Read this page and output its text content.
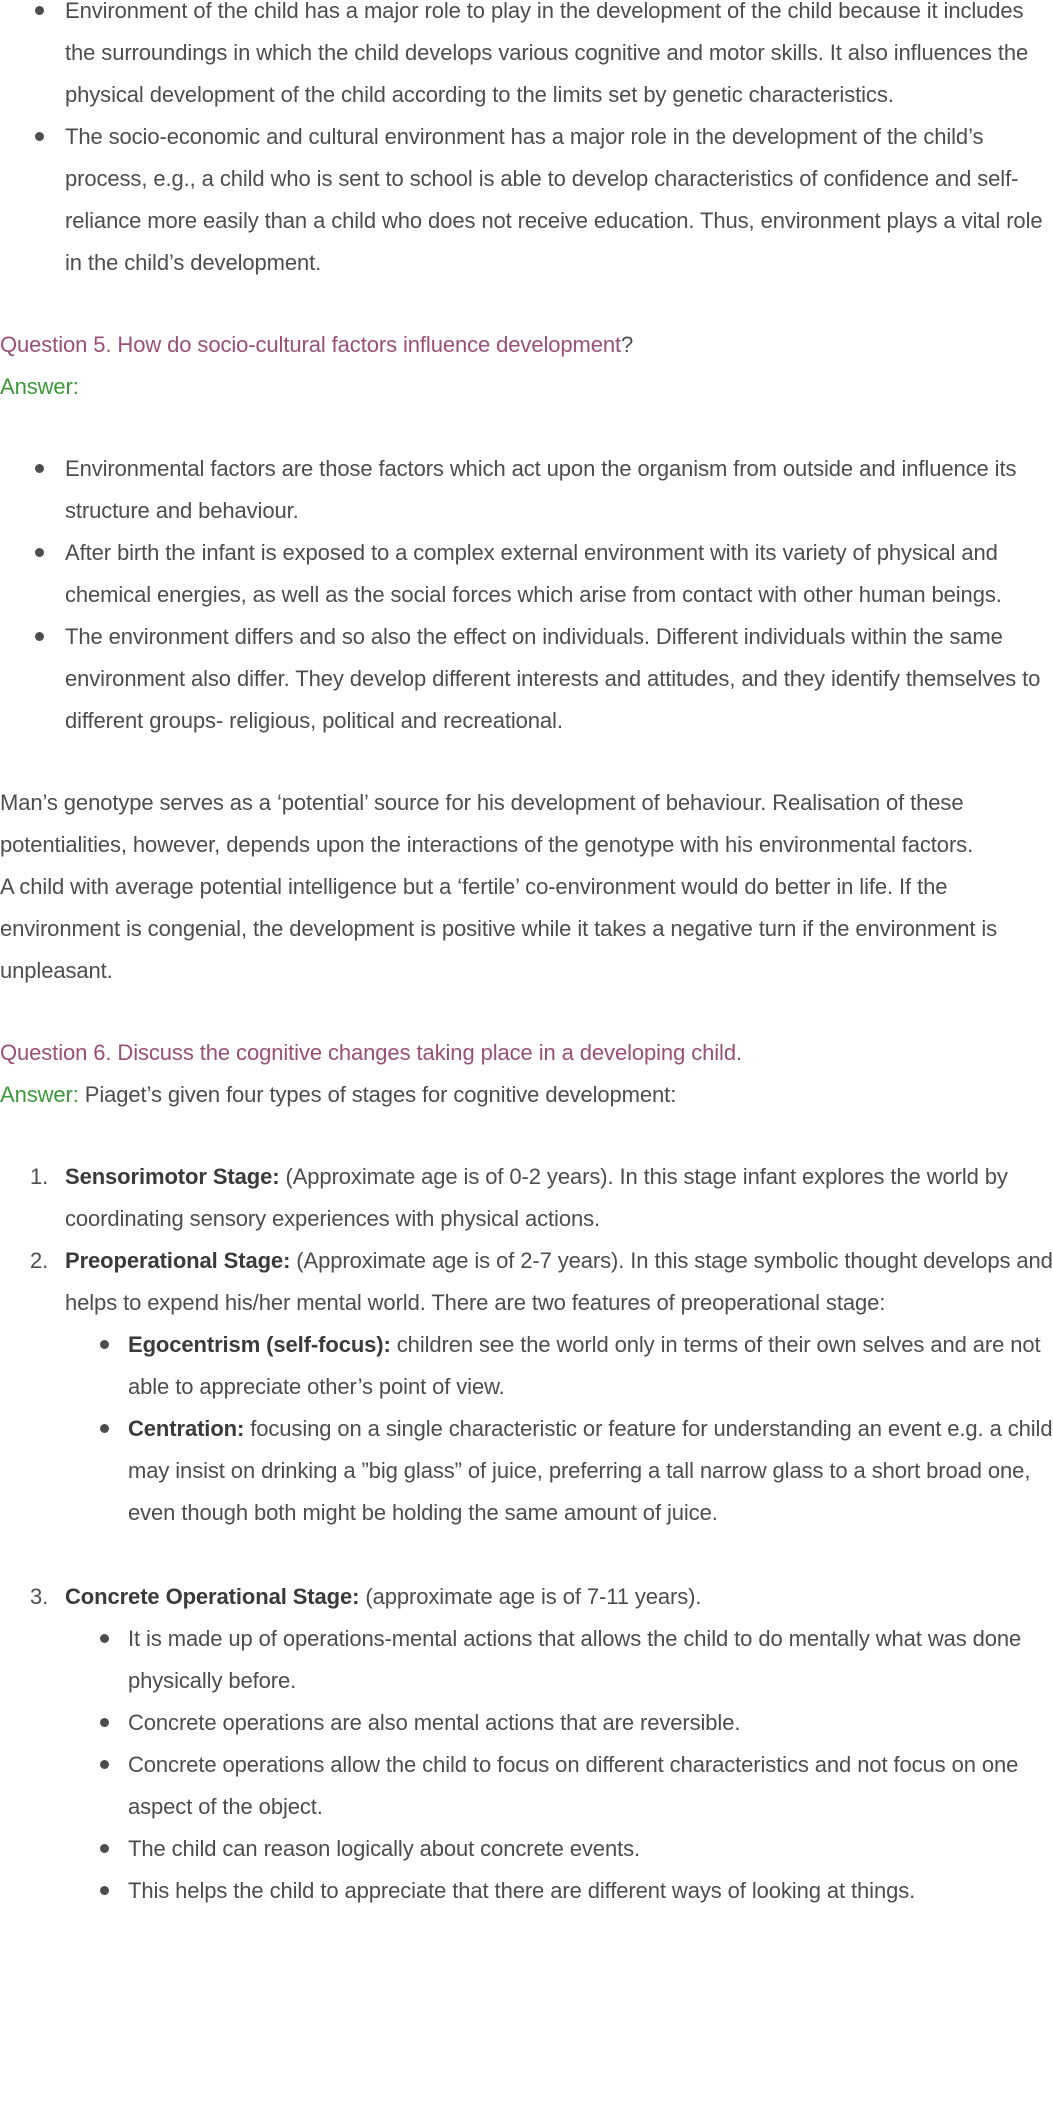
Environment of the child has a major role to play in the development of the child because it includes the surroundings in which the child develops various cognitive and motor skills. It also influences the physical development of the child according to the limits set by genetic characteristics.
The socio-economic and cultural environment has a major role in the development of the child’s process, e.g., a child who is sent to school is able to develop characteristics of confidence and self-reliance more easily than a child who does not receive education. Thus, environment plays a vital role in the child’s development.

Question 5. How do socio-cultural factors influence development?

Answer:

Environmental factors are those factors which act upon the organism from outside and influence its structure and behaviour.
After birth the infant is exposed to a complex external environment with its variety of physical and chemical energies, as well as the social forces which arise from contact with other human beings.
The environment differs and so also the effect on individuals. Different individuals within the same environment also differ. They develop different interests and attitudes, and they identify themselves to different groups- religious, political and recreational.

Man’s genotype serves as a ‘potential’ source for his development of behaviour. Realisation of these potentialities, however, depends upon the interactions of the genotype with his environmental factors.

A child with average potential intelligence but a ‘fertile’ co-environment would do better in life. If the environment is congenial, the development is positive while it takes a negative turn if the environment is unpleasant.

Question 6. Discuss the cognitive changes taking place in a developing child.

Answer: Piaget’s given four types of stages for cognitive development:

1. Sensorimotor Stage: (Approximate age is of 0-2 years). In this stage infant explores the world by coordinating sensory experiences with physical actions.
2. Preoperational Stage: (Approximate age is of 2-7 years). In this stage symbolic thought develops and helps to expend his/her mental world. There are two features of preoperational stage:
Egocentrism (self-focus): children see the world only in terms of their own selves and are not able to appreciate other’s point of view.
Centration: focusing on a single characteristic or feature for understanding an event e.g. a child may insist on drinking a ”big glass” of juice, preferring a tall narrow glass to a short broad one, even though both might be holding the same amount of juice.
3. Concrete Operational Stage: (approximate age is of 7-11 years).
It is made up of operations-mental actions that allows the child to do mentally what was done physically before.
Concrete operations are also mental actions that are reversible.
Concrete operations allow the child to focus on different characteristics and not focus on one aspect of the object.
The child can reason logically about concrete events.
This helps the child to appreciate that there are different ways of looking at things.
